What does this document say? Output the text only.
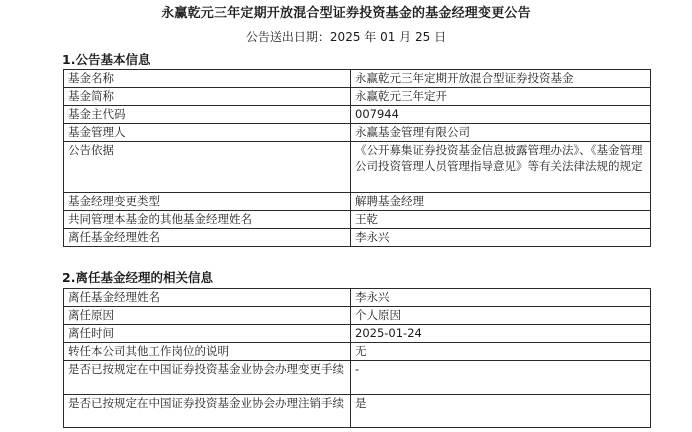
永赢乾元三年定期开放混合型证券投资基金的基金经理变更公告
公告送出日期：2025 年 01 月 25 日
1.公告基本信息
基金名称	永赢乾元三年定期开放混合型证券投资基金
基金简称	永赢乾元三年定开
基金主代码	007944
基金管理人	永赢基金管理有限公司
公告依据	《公开募集证券投资基金信息披露管理办法》、《基金管理公司投资管理人员管理指导意见》等有关法律法规的规定
基金经理变更类型	解聘基金经理
共同管理本基金的其他基金经理姓名	王乾
离任基金经理姓名	李永兴
2.离任基金经理的相关信息
离任基金经理姓名	李永兴
离任原因	个人原因
离任时间	2025-01-24
转任本公司其他工作岗位的说明	无
是否已按规定在中国证券投资基金业协会办理变更手续	-
是否已按规定在中国证券投资基金业协会办理注销手续	是
